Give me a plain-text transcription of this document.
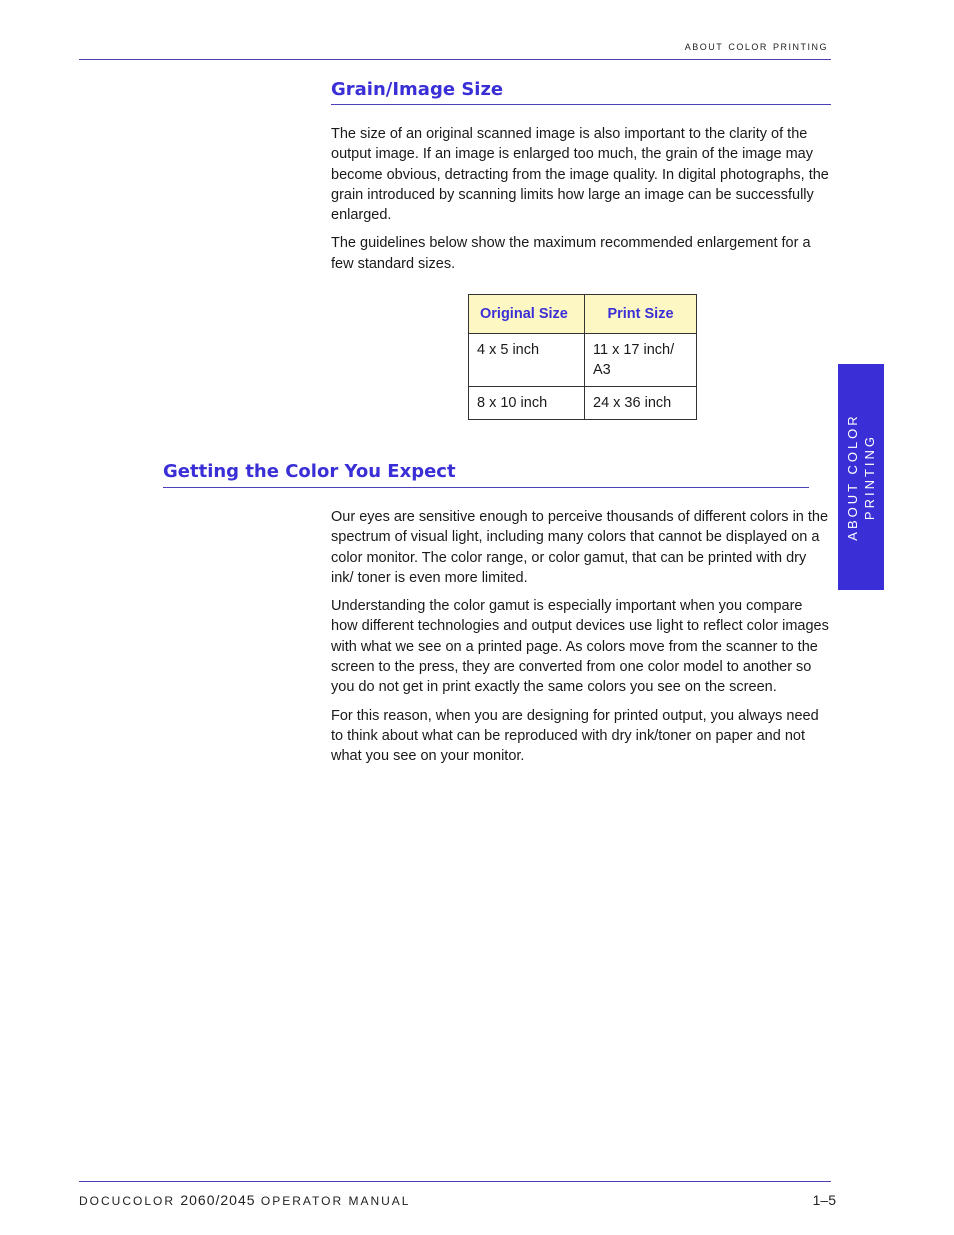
about color printing
Grain/Image Size

The size of an original scanned image is also important to the clarity of the output image. If an image is enlarged too much, the grain of the image may become obvious, detracting from the image quality. In digital photographs, the grain introduced by scanning limits how large an image can be successfully enlarged.

The guidelines below show the maximum recommended enlargement for a few standard sizes.

Original Size	Print Size
4 x 5 inch	11 x 17 inch/ A3
8 x 10 inch	24 x 36 inch
Getting the Color You Expect

Our eyes are sensitive enough to perceive thousands of different colors in the spectrum of visual light, including many colors that cannot be displayed on a color monitor. The color range, or color gamut, that can be printed with dry ink/ toner is even more limited.

Understanding the color gamut is especially important when you compare how different technologies and output devices use light to reflect color images with what we see on a printed page. As colors move from the scanner to the screen to the press, they are converted from one color model to another so you do not get in print exactly the same colors you see on the screen.

For this reason, when you are designing for printed output, you always need to think about what can be reproduced with dry ink/toner on paper and not what you see on your monitor.

ABOUT COLOR PRINTING
DOCUCOLOR 2060/2045 OPERATOR MANUAL	1–5
